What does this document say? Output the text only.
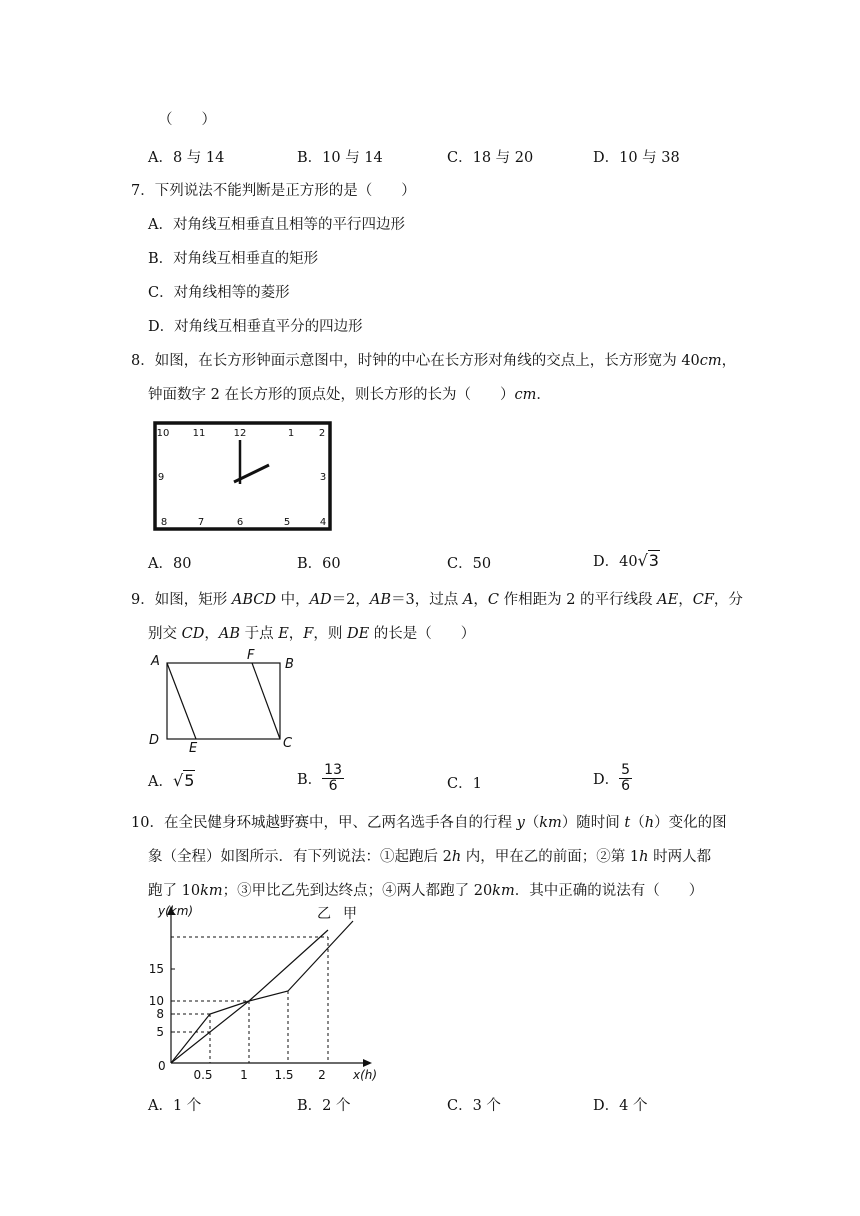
（　　）
A．8 与 14	B．10 与 14	C．18 与 20	D．10 与 38
7．下列说法不能判断是正方形的是（　　）
A．对角线互相垂直且相等的平行四边形
B．对角线互相垂直的矩形
C．对角线相等的菱形
D．对角线互相垂直平分的四边形
8．如图，在长方形钟面示意图中，时钟的中心在长方形对角线的交点上，长方形宽为 40cm，
钟面数字 2 在长方形的顶点处，则长方形的长为（　　）cm．
10 11	12	1 2
9	3
8	7	6	5	4
A．80	B．60	C．50	D．40√3
9．如图，矩形 ABCD 中，AD＝2，AB＝3，过点 A，C 作相距为 2 的平行线段 AE，CF，分
别交 CD，AB 于点 E，F，则 DE 的长是（　　）
A	F
B
D
E	C
A．√5	B． $\frac{13}{6}$	C．1	D． $\frac{5}{6}$
10．在全民健身环城越野赛中，甲、乙两名选手各自的行程 y（km）随时间 t（h）变化的图
象（全程）如图所示．有下列说法：①起跑后 2h 内，甲在乙的前面；②第 1h 时两人都
跑了 10km；③甲比乙先到达终点；④两人都跑了 20km．其中正确的说法有（　　）
y(km)
x(h)
0
15
10
8
5
0.5 1 1.5 2
乙 甲
A．1 个	B．2 个	C．3 个	D．4 个
